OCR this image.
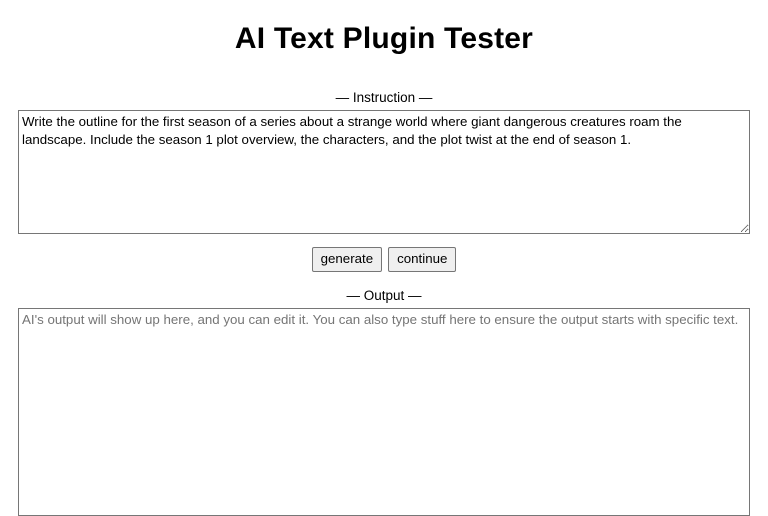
AI Text Plugin Tester
— Instruction —
Write the outline for the first season of a series about a strange world where giant dangerous creatures roam the landscape. Include the season 1 plot overview, the characters, and the plot twist at the end of season 1.
generate	continue
— Output —
AI's output will show up here, and you can edit it. You can also type stuff here to ensure the output starts with specific text.
